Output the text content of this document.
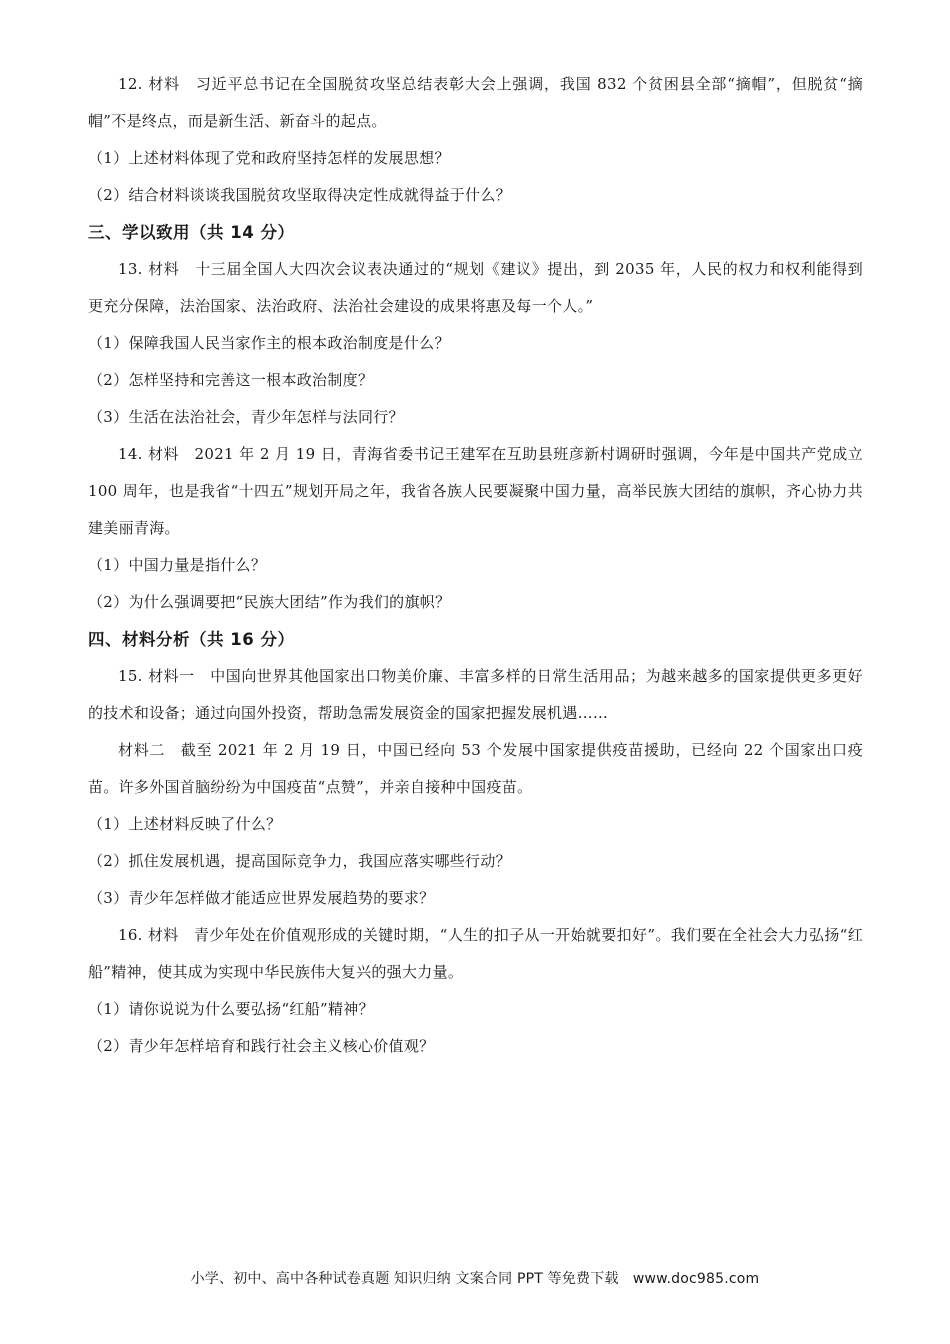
12. 材料　习近平总书记在全国脱贫攻坚总结表彰大会上强调，我国 832 个贫困县全部“摘帽”，但脱贫“摘帽”不是终点，而是新生活、新奋斗的起点。

（1）上述材料体现了党和政府坚持怎样的发展思想？

（2）结合材料谈谈我国脱贫攻坚取得决定性成就得益于什么？

三、学以致用（共 14 分）

13. 材料　十三届全国人大四次会议表决通过的“规划《建议》提出，到 2035 年，人民的权力和权利能得到更充分保障，法治国家、法治政府、法治社会建设的成果将惠及每一个人。”

（1）保障我国人民当家作主的根本政治制度是什么？

（2）怎样坚持和完善这一根本政治制度？

（3）生活在法治社会，青少年怎样与法同行？

14. 材料　2021 年 2 月 19 日，青海省委书记王建军在互助县班彦新村调研时强调，今年是中国共产党成立 100 周年，也是我省“十四五”规划开局之年，我省各族人民要凝聚中国力量，高举民族大团结的旗帜，齐心协力共建美丽青海。

（1）中国力量是指什么？

（2）为什么强调要把“民族大团结”作为我们的旗帜？

四、材料分析（共 16 分）

15. 材料一　中国向世界其他国家出口物美价廉、丰富多样的日常生活用品；为越来越多的国家提供更多更好的技术和设备；通过向国外投资，帮助急需发展资金的国家把握发展机遇……

材料二　截至 2021 年 2 月 19 日，中国已经向 53 个发展中国家提供疫苗援助，已经向 22 个国家出口疫苗。许多外国首脑纷纷为中国疫苗“点赞”，并亲自接种中国疫苗。

（1）上述材料反映了什么？

（2）抓住发展机遇，提高国际竞争力，我国应落实哪些行动？

（3）青少年怎样做才能适应世界发展趋势的要求？

16. 材料　青少年处在价值观形成的关键时期，“人生的扣子从一开始就要扣好”。我们要在全社会大力弘扬“红船”精神，使其成为实现中华民族伟大复兴的强大力量。

（1）请你说说为什么要弘扬“红船”精神？

（2）青少年怎样培育和践行社会主义核心价值观？

小学、初中、高中各种试卷真题 知识归纳 文案合同 PPT 等免费下载　www.doc985.com
